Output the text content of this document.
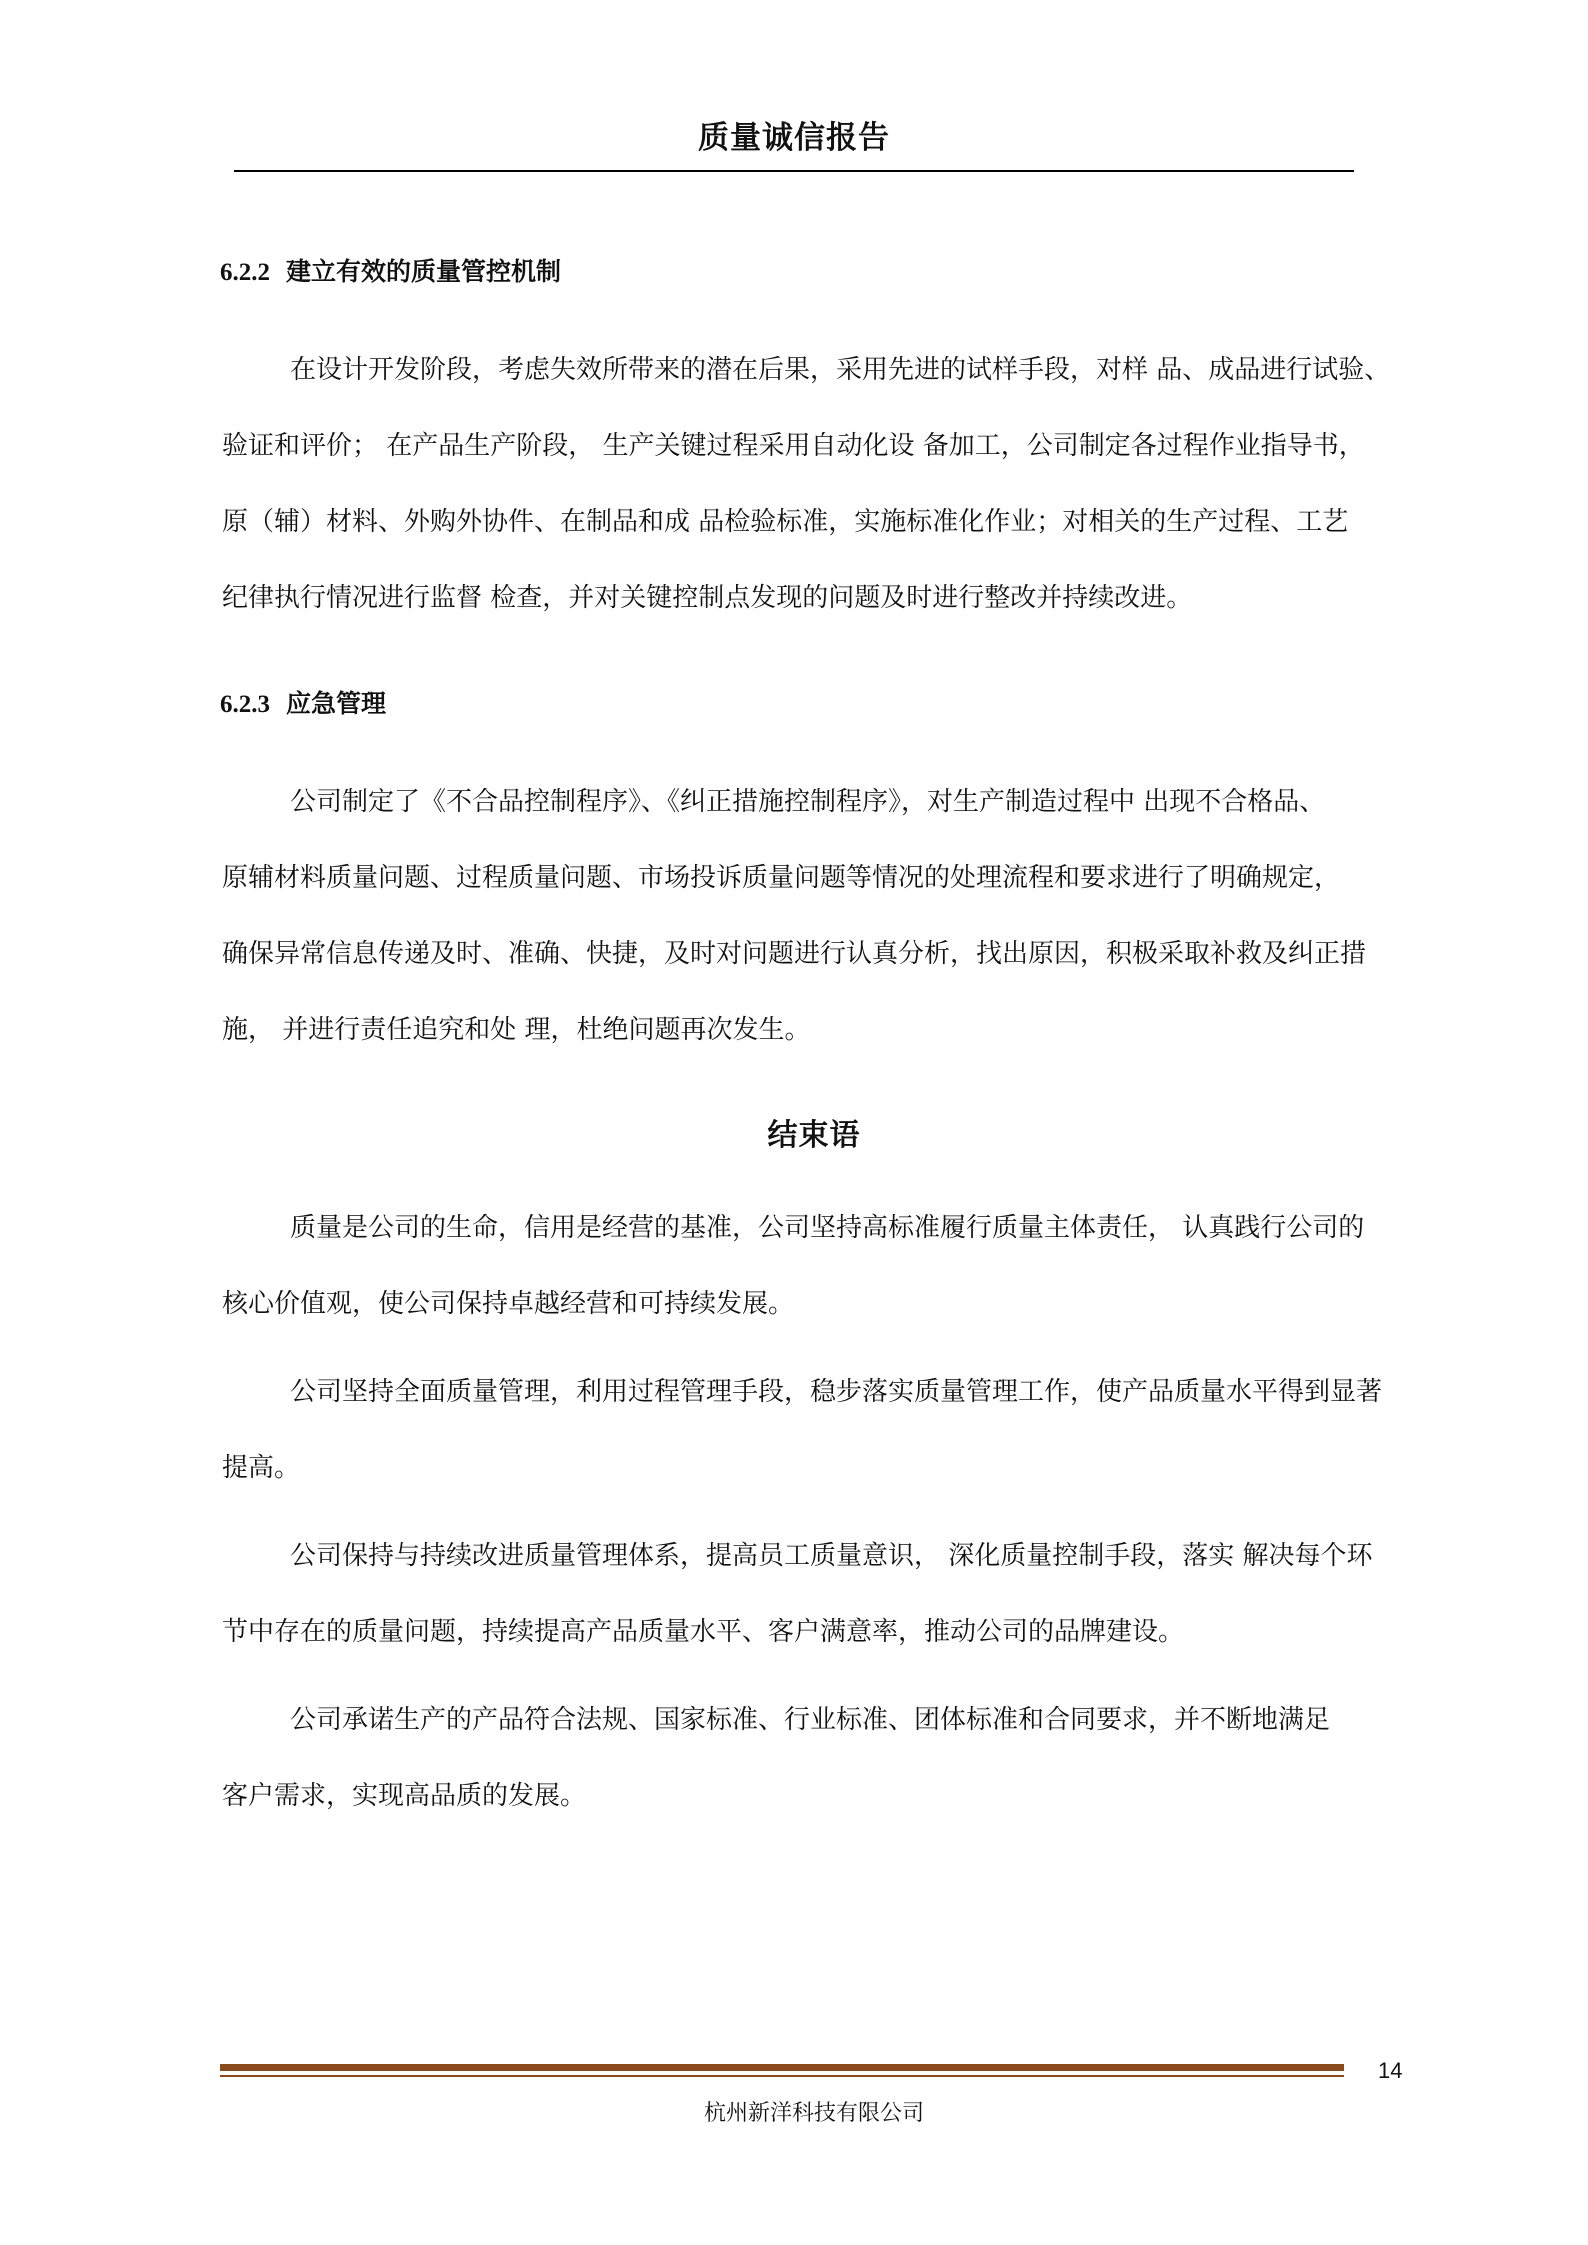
质量诚信报告
6.2.2 建立有效的质量管控机制
在设计开发阶段，考虑失效所带来的潜在后果，采用先进的试样手段，对样 品、成品进行试验、
验证和评价； 在产品生产阶段， 生产关键过程采用自动化设 备加工，公司制定各过程作业指导书，
原（辅）材料、外购外协件、在制品和成 品检验标准，实施标准化作业；对相关的生产过程、工艺
纪律执行情况进行监督 检查，并对关键控制点发现的问题及时进行整改并持续改进。
6.2.3 应急管理
公司制定了《不合品控制程序》、《纠正措施控制程序》，对生产制造过程中 出现不合格品、
原辅材料质量问题、过程质量问题、市场投诉质量问题等情况的处理流程和要求进行了明确规定，
确保异常信息传递及时、准确、快捷，及时对问题进行认真分析，找出原因，积极采取补救及纠正措
施， 并进行责任追究和处 理，杜绝问题再次发生。
结束语
质量是公司的生命，信用是经营的基准，公司坚持高标准履行质量主体责任， 认真践行公司的
核心价值观，使公司保持卓越经营和可持续发展。
公司坚持全面质量管理，利用过程管理手段，稳步落实质量管理工作，使产品质量水平得到显著
提高。
公司保持与持续改进质量管理体系，提高员工质量意识， 深化质量控制手段，落实 解决每个环
节中存在的质量问题，持续提高产品质量水平、客户满意率，推动公司的品牌建设。
公司承诺生产的产品符合法规、国家标准、行业标准、团体标准和合同要求，并不断地满足
客户需求，实现高品质的发展。
14
杭州新洋科技有限公司
